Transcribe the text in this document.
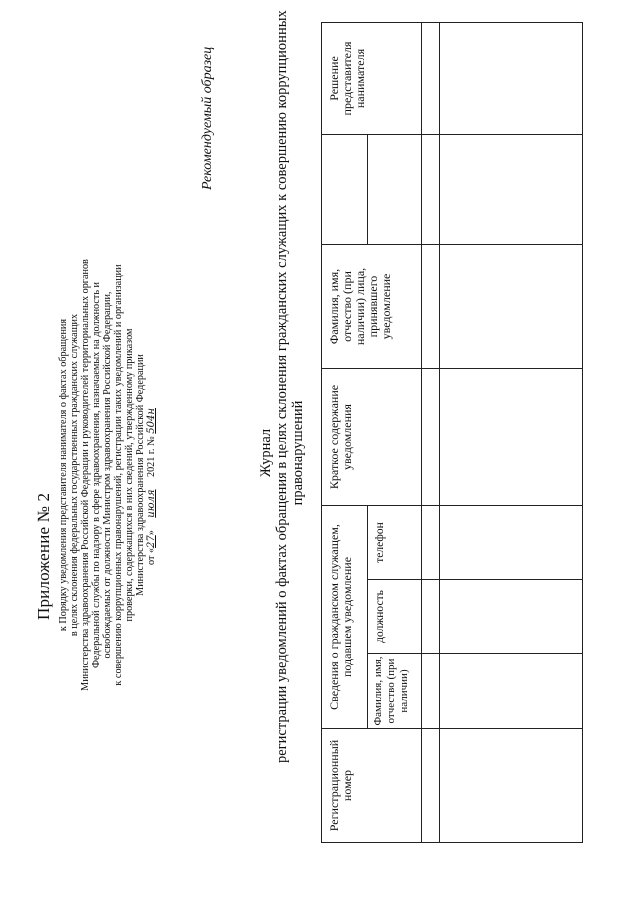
Приложение № 2 к Порядку уведомления представителя нанимателя о фактах обращения в целях склонения федеральных государственных гражданских служащих Министерства здравоохранения Российской Федерации и руководителей территориальных органов Федеральной службы по надзору в сфере здравоохранения, назначаемых на должность и освобождаемых от должности Министром здравоохранения Российской Федерации, к совершению коррупционных правонарушений, регистрации таких уведомлений и организации проверки, содержащихся в них сведений, утвержденному приказом Министерства здравоохранения Российской Федерации от «27» июля 2021 г. № 504н
Рекомендуемый образец
Журнал регистрации уведомлений о фактах обращения в целях склонения гражданских служащих к совершению коррупционных правонарушений
Регистрационный номер	Сведения о гражданском служащем, подавшем уведомление			Краткое содержание уведомления	Фамилия, имя, отчество (при наличии) лица, принявшего уведомление		Решение представителя нанимателя

	Фамилия, имя, отчество (при наличии)	должность	телефон				
